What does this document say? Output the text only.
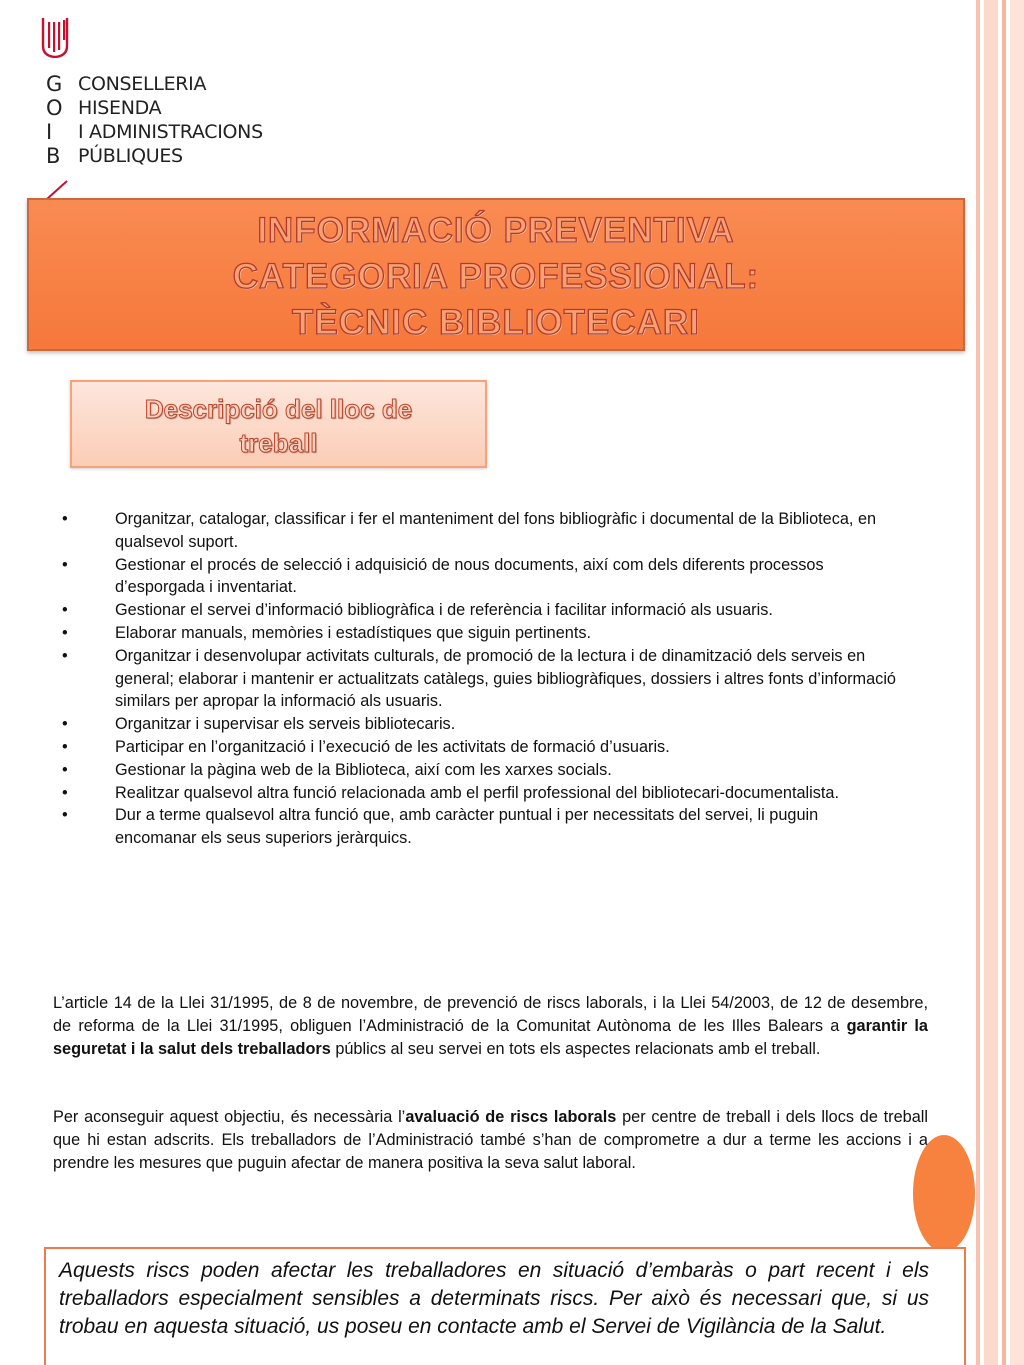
G
O
I
B
CONSELLERIA
HISENDA
I ADMINISTRACIONS
PÚBLIQUES
INFORMACIÓ PREVENTIVA
CATEGORIA PROFESSIONAL:
TÈCNIC BIBLIOTECARI
Descripció del lloc de
treball
• Organitzar, catalogar, classificar i fer el manteniment del fons bibliogràfic i documental de la Biblioteca, en qualsevol suport.
• Gestionar el procés de selecció i adquisició de nous documents, així com dels diferents processos d’esporgada i inventariat.
• Gestionar el servei d’informació bibliogràfica i de referència i facilitar informació als usuaris.
• Elaborar manuals, memòries i estadístiques que siguin pertinents.
• Organitzar i desenvolupar activitats culturals, de promoció de la lectura i de dinamització dels serveis en general; elaborar i mantenir er actualitzats catàlegs, guies bibliogràfiques, dossiers i altres fonts d’informació similars per apropar la informació als usuaris.
• Organitzar i supervisar els serveis bibliotecaris.
• Participar en l’organització i l’execució de les activitats de formació d’usuaris.
• Gestionar la pàgina web de la Biblioteca, així com les xarxes socials.
• Realitzar qualsevol altra funció relacionada amb el perfil professional del bibliotecari-documentalista.
• Dur a terme qualsevol altra funció que, amb caràcter puntual i per necessitats del servei, li puguin encomanar els seus superiors jeràrquics.

L’article 14 de la Llei 31/1995, de 8 de novembre, de prevenció de riscs laborals, i la Llei 54/2003, de 12 de desembre, de reforma de la Llei 31/1995, obliguen l’Administració de la Comunitat Autònoma de les Illes Balears a garantir la seguretat i la salut dels treballadors públics al seu servei en tots els aspectes relacionats amb el treball.

Per aconseguir aquest objectiu, és necessària l’avaluació de riscs laborals per centre de treball i dels llocs de treball que hi estan adscrits. Els treballadors de l’Administració també s’han de comprometre a dur a terme les accions i a prendre les mesures que puguin afectar de manera positiva la seva salut laboral.

Aquests riscs poden afectar les treballadores en situació d’embaràs o part recent i els treballadors especialment sensibles a determinats riscs. Per això és necessari que, si us trobau en aquesta situació, us poseu en contacte amb el Servei de Vigilància de la Salut.
